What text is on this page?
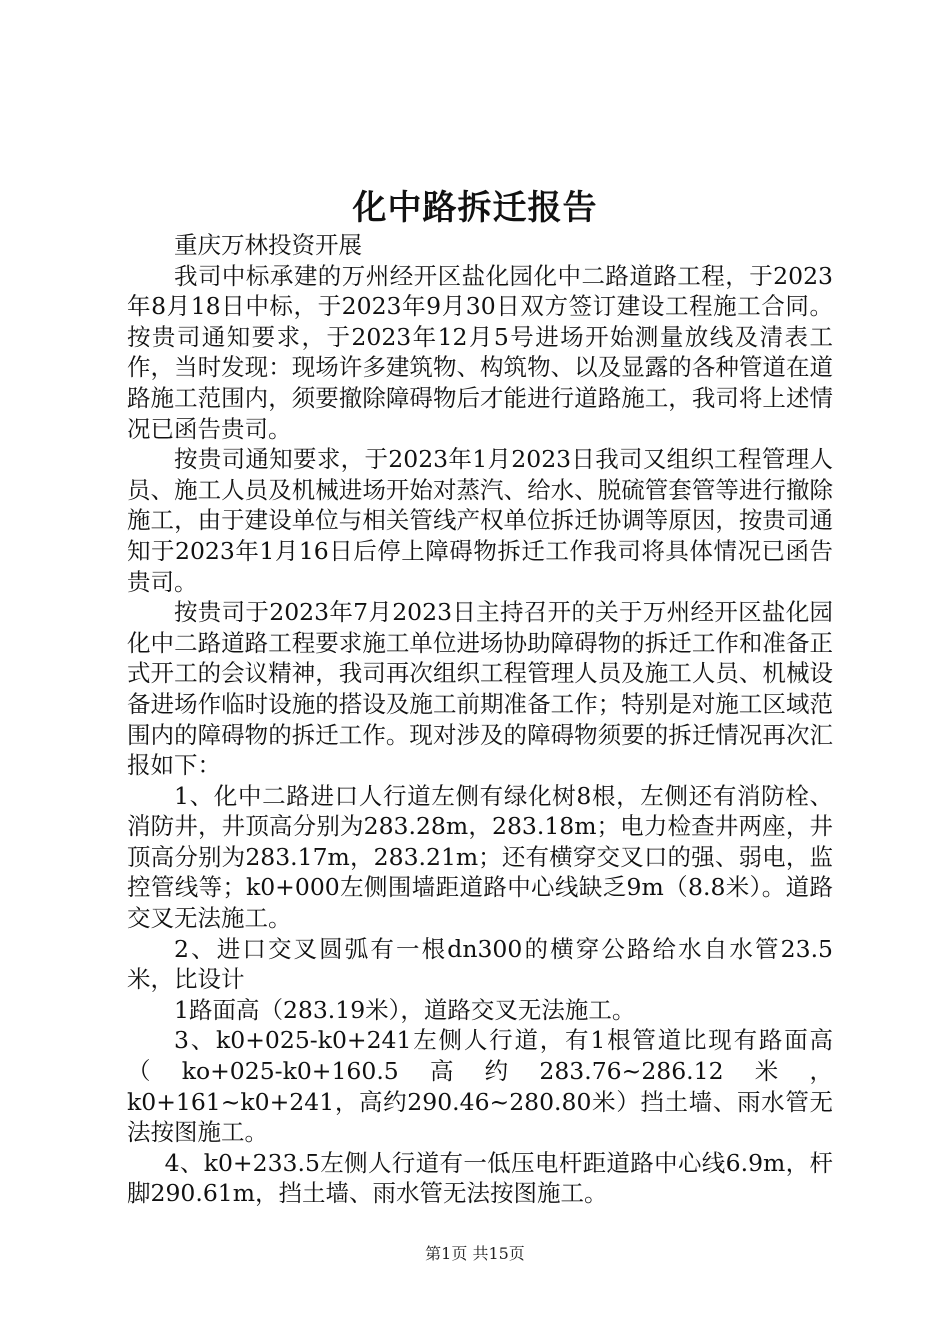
化中路拆迁报告

重庆万林投资开展

我司中标承建的万州经开区盐化园化中二路道路工程，于2023年8月18日中标，于2023年9月30日双方签订建设工程施工合同。按贵司通知要求，于2023年12月5号进场开始测量放线及清表工作，当时发现：现场许多建筑物、构筑物、以及显露的各种管道在道路施工范围内，须要撤除障碍物后才能进行道路施工，我司将上述情况已函告贵司。

按贵司通知要求，于2023年1月2023日我司又组织工程管理人员、施工人员及机械进场开始对蒸汽、给水、脱硫管套管等进行撤除施工，由于建设单位与相关管线产权单位拆迁协调等原因，按贵司通知于2023年1月16日后停上障碍物拆迁工作我司将具体情况已函告贵司。

按贵司于2023年7月2023日主持召开的关于万州经开区盐化园化中二路道路工程要求施工单位进场协助障碍物的拆迁工作和准备正式开工的会议精神，我司再次组织工程管理人员及施工人员、机械设备进场作临时设施的搭设及施工前期准备工作；特别是对施工区域范围内的障碍物的拆迁工作。现对涉及的障碍物须要的拆迁情况再次汇报如下：

1、化中二路进口人行道左侧有绿化树8根，左侧还有消防栓、消防井，井顶高分别为283.28m，283.18m；电力检查井两座，井顶高分别为283.17m，283.21m；还有横穿交叉口的强、弱电，监控管线等；k0+000左侧围墙距道路中心线缺乏9m（8.8米）。道路交叉无法施工。

2、进口交叉圆弧有一根dn300的横穿公路给水自水管23.5米，比设计

1路面高（283.19米），道路交叉无法施工。

3、k0+025-k0+241左侧人行道，有1根管道比现有路面高（ko+025-k0+160.5高约283.76~286.12米，k0+161~k0+241，高约290.46~280.80米）挡土墙、雨水管无法按图施工。

4、k0+233.5左侧人行道有一低压电杆距道路中心线6.9m，杆脚290.61m，挡土墙、雨水管无法按图施工。

第1页 共15页
